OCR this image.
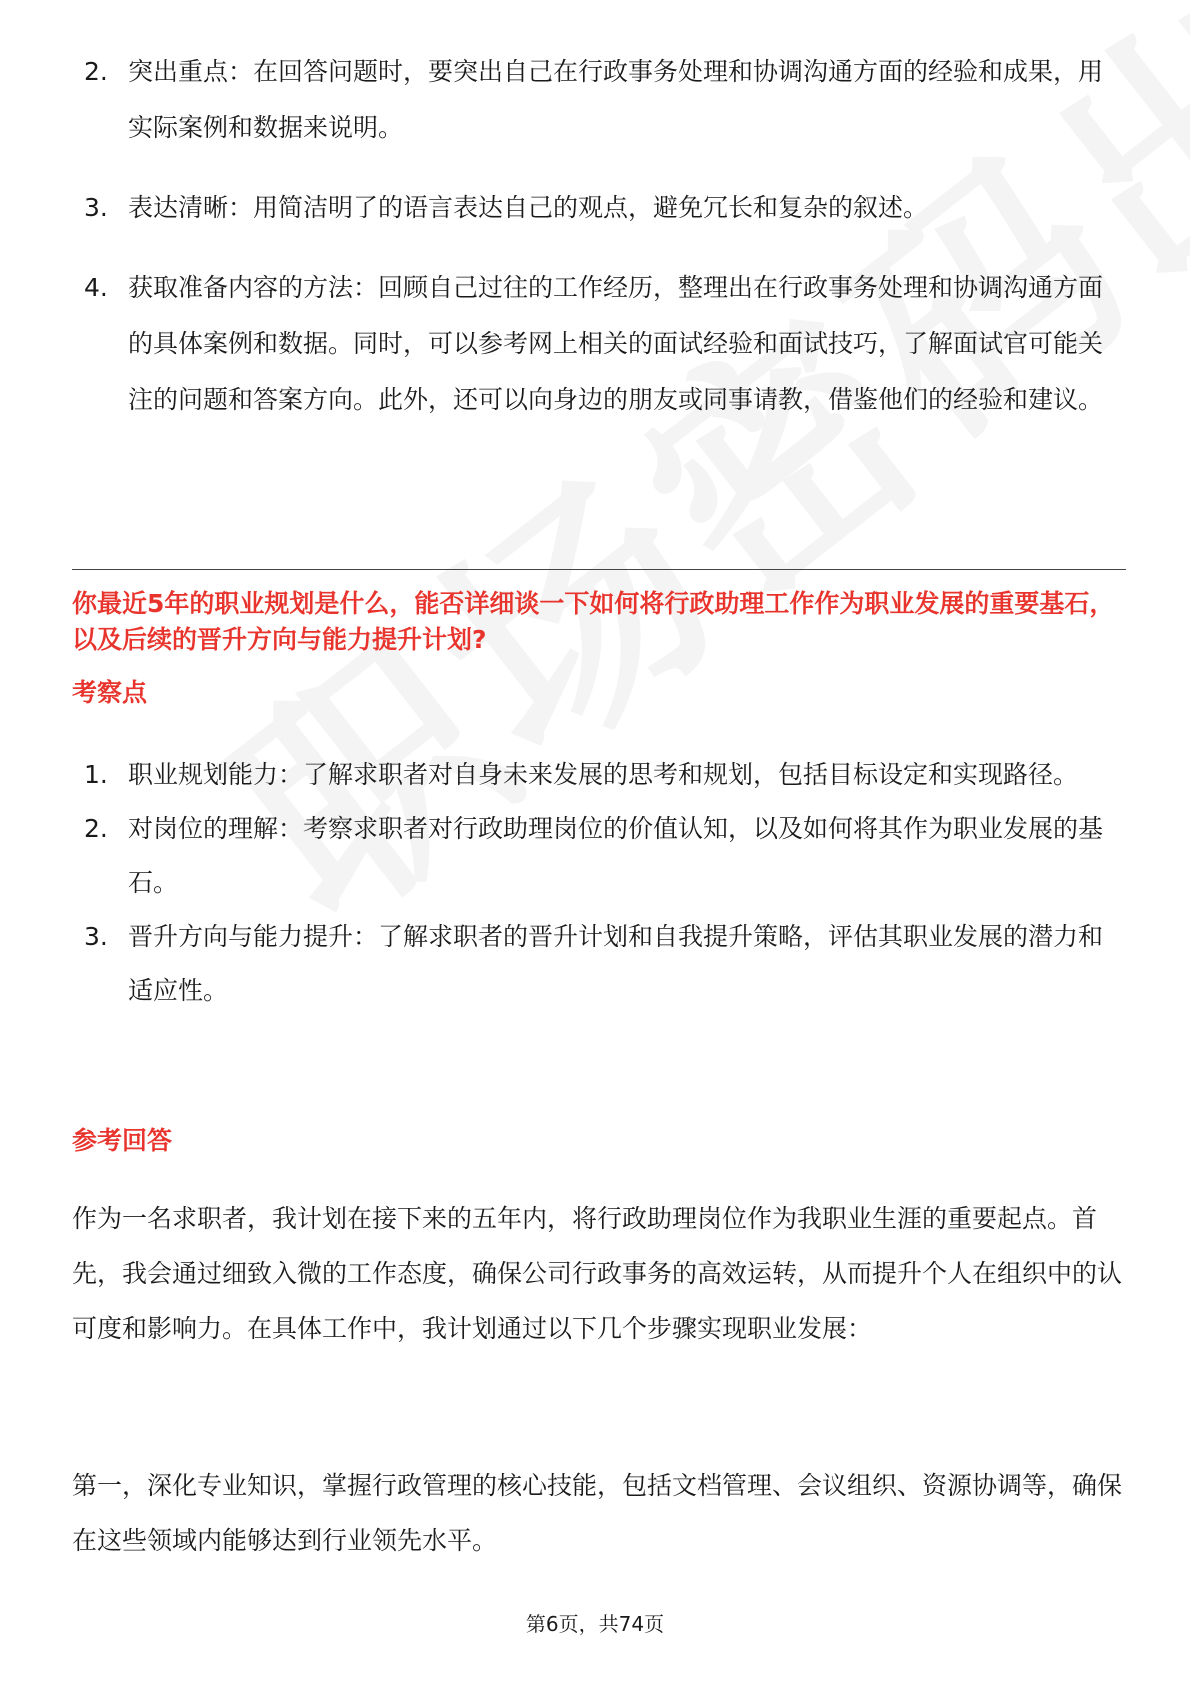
2. 突出重点：在回答问题时，要突出自己在行政事务处理和协调沟通方面的经验和成果，用实际案例和数据来说明。
3. 表达清晰：用简洁明了的语言表达自己的观点，避免冗长和复杂的叙述。
4. 获取准备内容的方法：回顾自己过往的工作经历，整理出在行政事务处理和协调沟通方面的具体案例和数据。同时，可以参考网上相关的面试经验和面试技巧，了解面试官可能关注的问题和答案方向。此外，还可以向身边的朋友或同事请教，借鉴他们的经验和建议。

你最近5年的职业规划是什么，能否详细谈一下如何将行政助理工作作为职业发展的重要基石，以及后续的晋升方向与能力提升计划?

考察点
1. 职业规划能力：了解求职者对自身未来发展的思考和规划，包括目标设定和实现路径。
2. 对岗位的理解：考察求职者对行政助理岗位的价值认知，以及如何将其作为职业发展的基石。
3. 晋升方向与能力提升：了解求职者的晋升计划和自我提升策略，评估其职业发展的潜力和适应性。
参考回答

作为一名求职者，我计划在接下来的五年内，将行政助理岗位作为我职业生涯的重要起点。首先，我会通过细致入微的工作态度，确保公司行政事务的高效运转，从而提升个人在组织中的认可度和影响力。在具体工作中，我计划通过以下几个步骤实现职业发展：

第一，深化专业知识，掌握行政管理的核心技能，包括文档管理、会议组织、资源协调等，确保在这些领域内能够达到行业领先水平。

第6页，共74页
